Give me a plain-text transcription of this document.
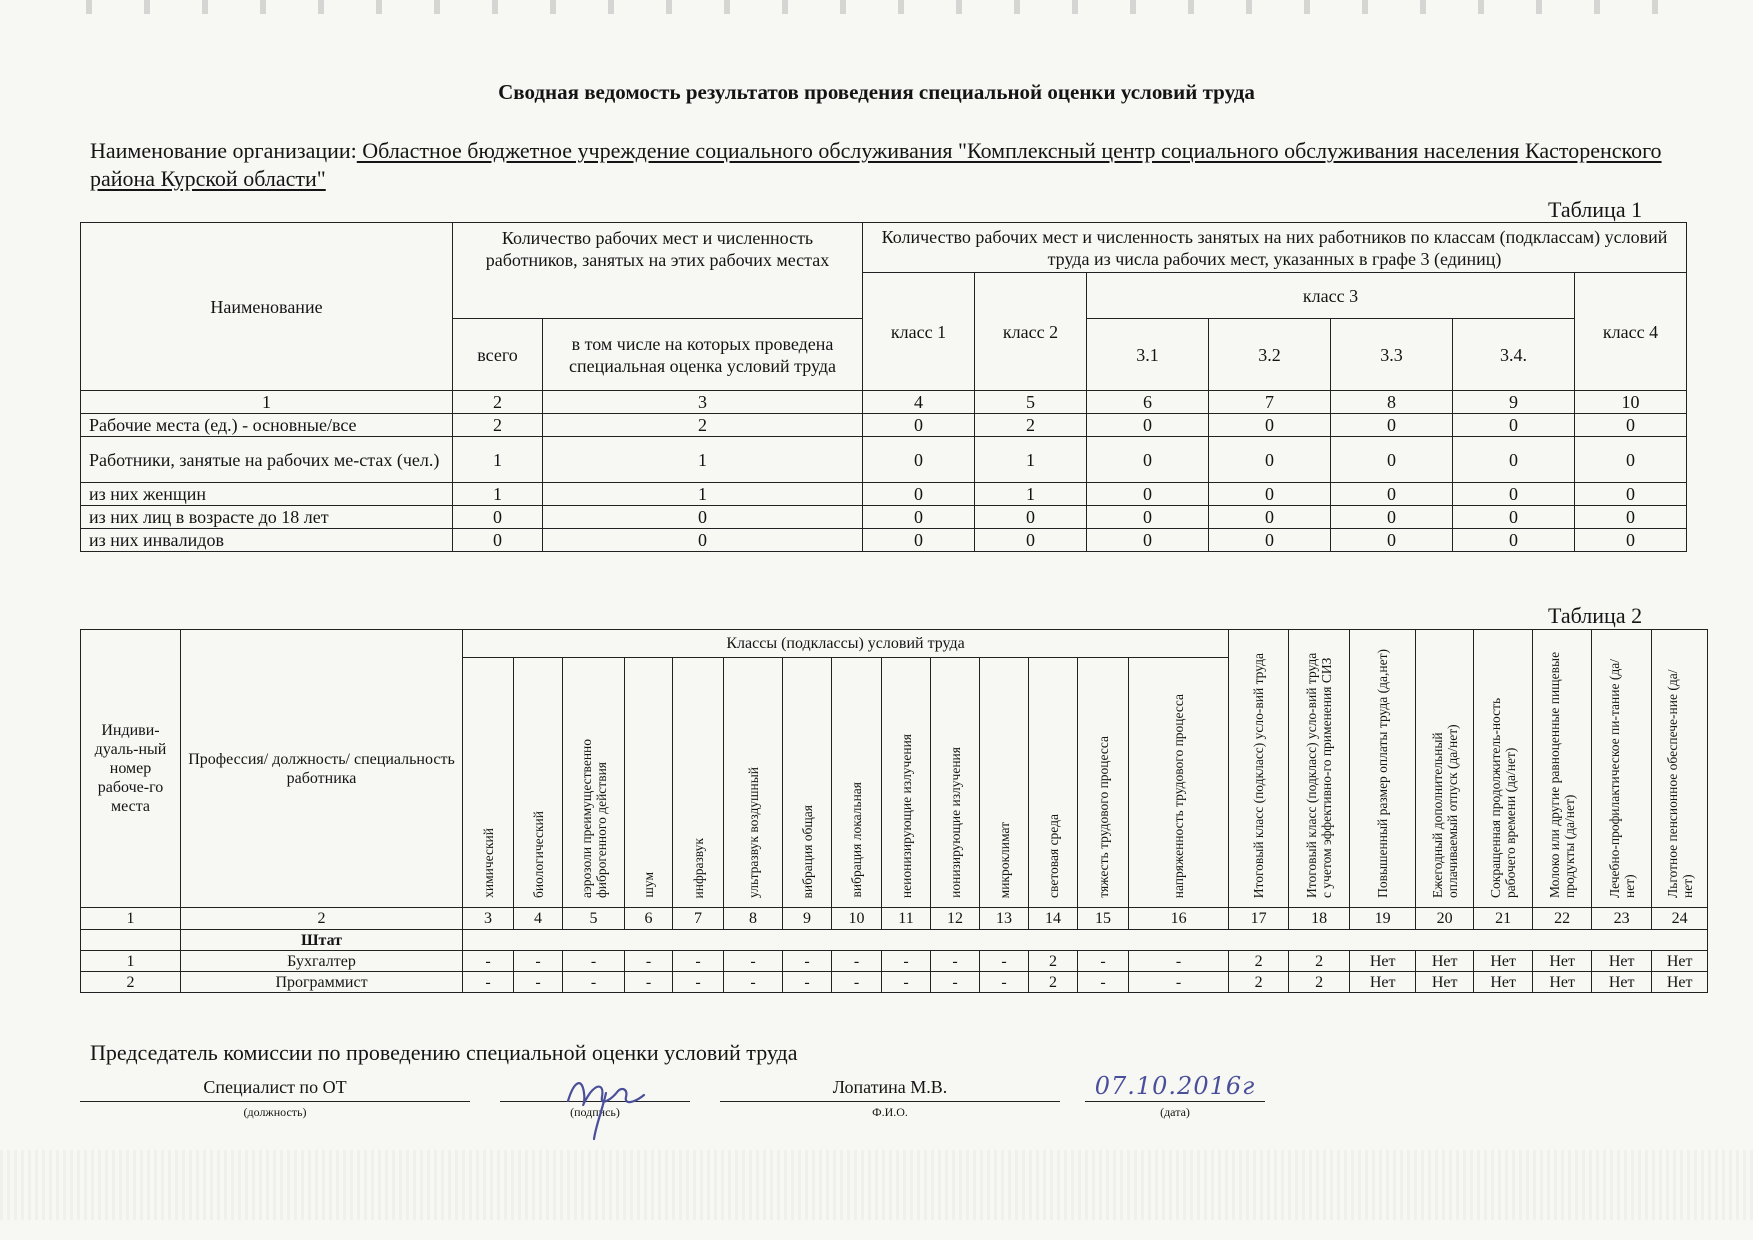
Сводная ведомость результатов проведения специальной оценки условий труда
Наименование организации: Областное бюджетное учреждение социального обслуживания "Комплексный центр социального обслуживания населения Касторенского района Курской области"
Таблица 1
Наименование	Количество рабочих мест и численность работников, занятых на этих рабочих местах		Количество рабочих мест и численность занятых на них работников по классам (подклассам) условий труда из числа рабочих мест, указанных в графе 3 (единиц)						
			класс 1	класс 2	класс 3				класс 4
	всего	в том числе на которых проведена специальная оценка условий труда			3.1	3.2	3.3	3.4.	
1	2	3	4	5	6	7	8	9	10
Рабочие места (ед.) - основные/все	2	2	0	2	0	0	0	0	0
Работники, занятые на рабочих ме-стах (чел.)	1	1	0	1	0	0	0	0	0
из них женщин	1	1	0	1	0	0	0	0	0
из них лиц в возрасте до 18 лет	0	0	0	0	0	0	0	0	0
из них инвалидов	0	0	0	0	0	0	0	0	0
Таблица 2
Индиви-дуаль-ный номер рабоче-го места	Профессия/ должность/ специальность работника	Классы (подклассы) условий труда														Итоговый класс (подкласс) усло-вий труда	Итоговый класс (подкласс) усло-вий труда с учетом эффективно-го применения СИЗ	Повышенный размер оплаты труда (да,нет)	Ежегодный дополнительный оплачиваемый отпуск (да/нет)	Сокращенная продолжитель-ность рабочего времени (да/нет)	Молоко или другие равноценные пищевые продукты (да/нет)	Лечебно-профилактическое пи-тание (да/нет)	Льготное пенсионное обеспече-ние (да/нет)
		химический	биологический	аэрозоли преимущественно фиброгенного действия	шум	инфразвук	ультразвук воздушный	вибрация общая	вибрация локальная	неионизирующие излучения	ионизирующие излучения	микроклимат	световая среда	тяжесть трудового процесса	напряженность трудового процесса								
1	2	3	4	5	6	7	8	9	10	11	12	13	14	15	16	17	18	19	20	21	22	23	24
	Штат																						
1	Бухгалтер	-	-	-	-	-	-	-	-	-	-	-	2	-	-	2	2	Нет	Нет	Нет	Нет	Нет	Нет
2	Программист	-	-	-	-	-	-	-	-	-	-	-	2	-	-	2	2	Нет	Нет	Нет	Нет	Нет	Нет
Председатель комиссии по проведению специальной оценки условий труда
Специалист по ОТ
(должность)	(подпись)
Лопатина М.В.
Ф.И.О.
07.10.2016г
(дата)
